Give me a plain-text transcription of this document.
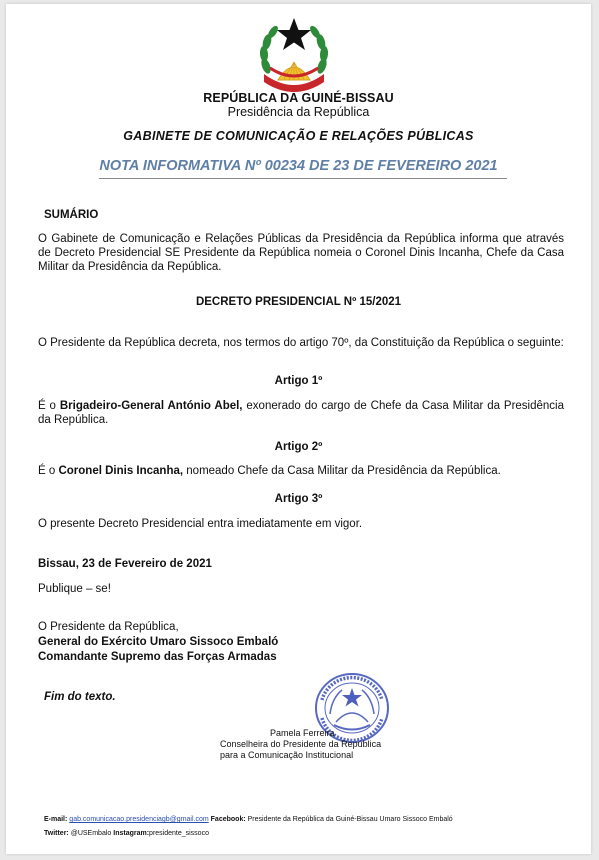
REPÚBLICA DA GUINÉ-BISSAU
Presidência da República
GABINETE DE COMUNICAÇÃO E RELAÇÕES PÚBLICAS
NOTA INFORMATIVA Nº 00234 DE 23 DE FEVEREIRO 2021
SUMÁRIO
O Gabinete de Comunicação e Relações Públicas da Presidência da República informa que através de Decreto Presidencial SE Presidente da República nomeia o Coronel Dinis Incanha, Chefe da Casa Militar da Presidência da República.
DECRETO PRESIDENCIAL Nº 15/2021
O Presidente da República decreta, nos termos do artigo 70º, da Constituição da República o seguinte:
Artigo 1º
É o Brigadeiro-General António Abel, exonerado do cargo de Chefe da Casa Militar da Presidência da República.
Artigo 2º
É o Coronel Dinis Incanha, nomeado Chefe da Casa Militar da Presidência da República.
Artigo 3º
O presente Decreto Presidencial entra imediatamente em vigor.
Bissau, 23 de Fevereiro de 2021
Publique – se!
O Presidente da República,
General do Exército Umaro Sissoco Embaló
Comandante Supremo das Forças Armadas
Fim do texto.
Pamela Ferreira
Conselheira do Presidente da República
para a Comunicação Institucional
E-mail: gab.comunicacao.presidenciagb@gmail.com Facebook: Presidente da República da Guiné-Bissau Umaro Sissoco Embaló
Twitter: @USEmbalo Instagram:presidente_sissoco
